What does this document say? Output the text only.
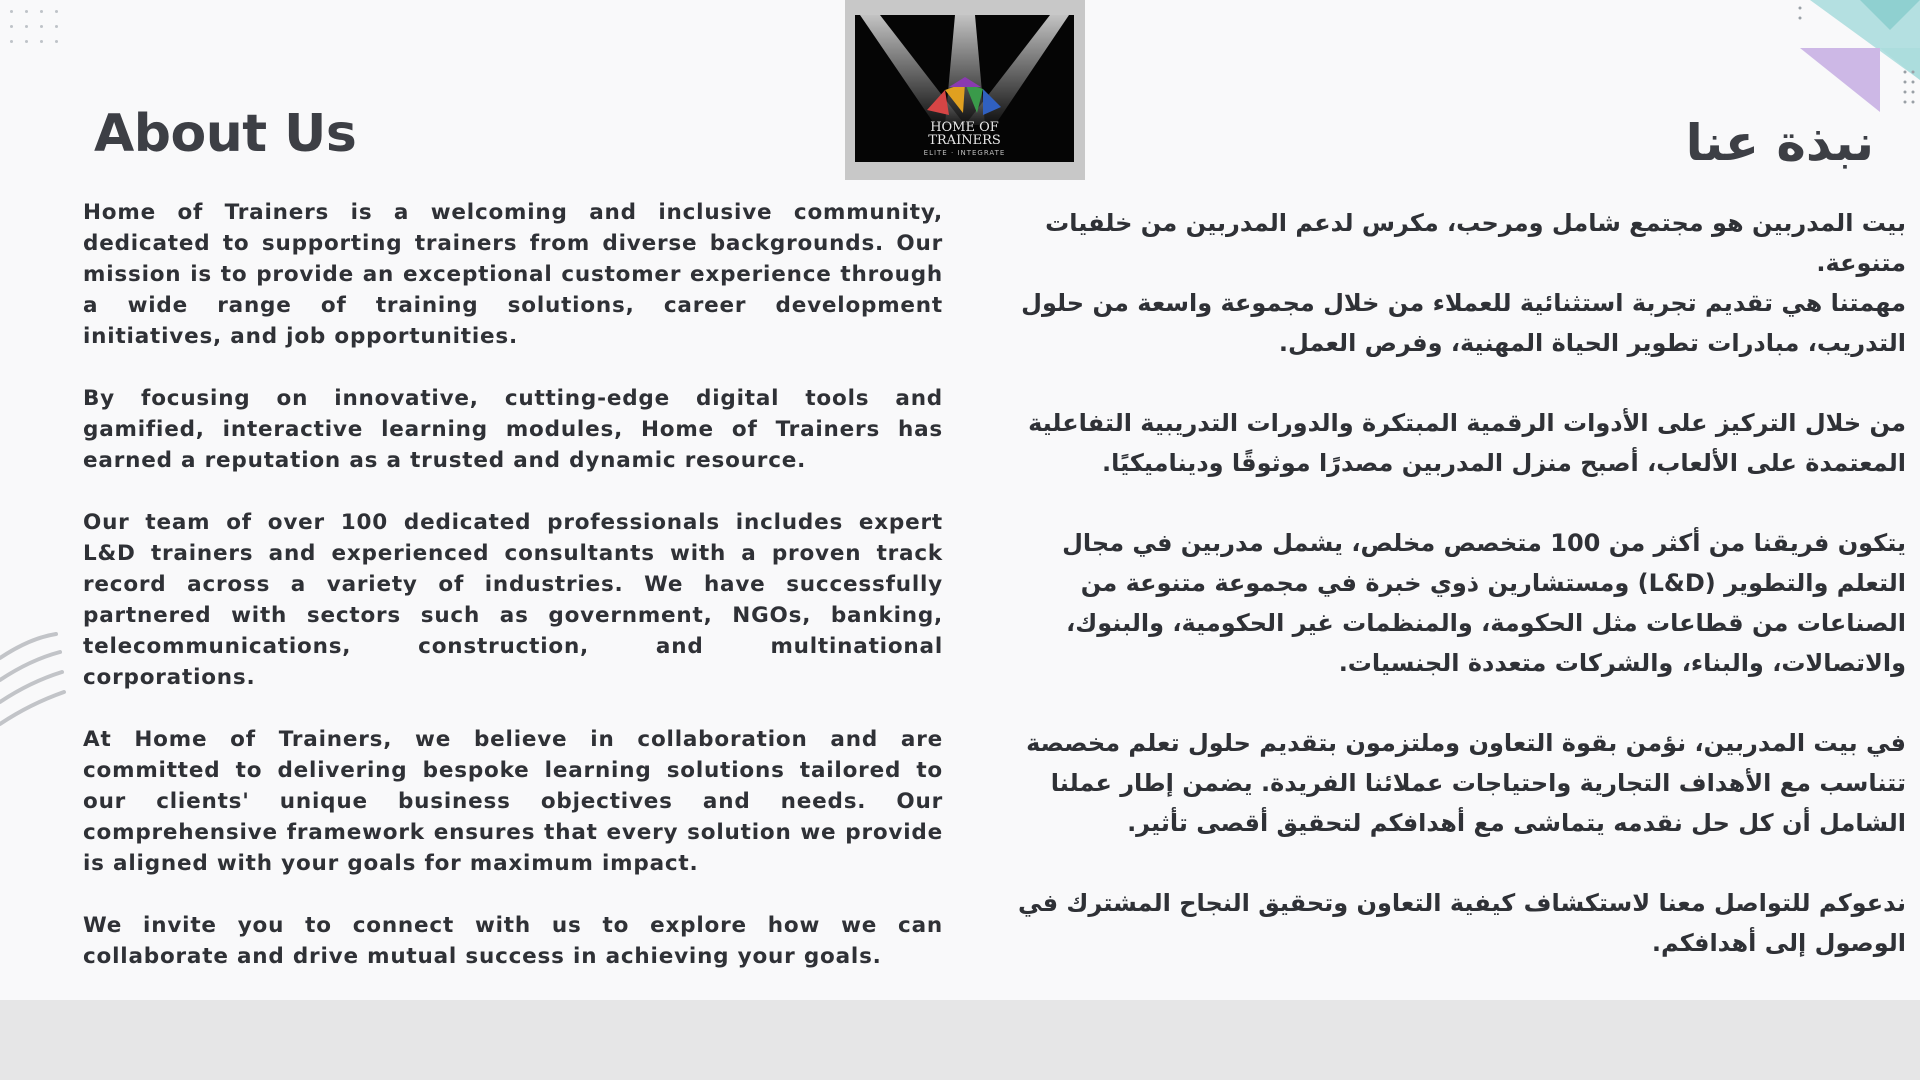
HOME OF
TRAINERS
ELITE · INTEGRATE
About Us	نبذة عنا

Home of Trainers is a welcoming and inclusive community, dedicated to supporting trainers from diverse backgrounds. Our mission is to provide an exceptional customer experience through a wide range of training solutions, career development initiatives, and job opportunities.

By focusing on innovative, cutting-edge digital tools and gamified, interactive learning modules, Home of Trainers has earned a reputation as a trusted and dynamic resource.

Our team of over 100 dedicated professionals includes expert L&D trainers and experienced consultants with a proven track record across a variety of industries. We have successfully partnered with sectors such as government, NGOs, banking, telecommunications, construction, and multinational corporations.

At Home of Trainers, we believe in collaboration and are committed to delivering bespoke learning solutions tailored to our clients' unique business objectives and needs. Our comprehensive framework ensures that every solution we provide is aligned with your goals for maximum impact.

We invite you to connect with us to explore how we can collaborate and drive mutual success in achieving your goals.

بيت المدربين هو مجتمع شامل ومرحب، مكرس لدعم المدربين من خلفيات متنوعة.
مهمتنا هي تقديم تجربة استثنائية للعملاء من خلال مجموعة واسعة من حلول التدريب، مبادرات تطوير الحياة المهنية، وفرص العمل.

من خلال التركيز على الأدوات الرقمية المبتكرة والدورات التدريبية التفاعلية المعتمدة على الألعاب، أصبح منزل المدربين مصدرًا موثوقًا وديناميكيًا.

يتكون فريقنا من أكثر من 100 متخصص مخلص، يشمل مدربين في مجال التعلم والتطوير (L&D) ومستشارين ذوي خبرة في مجموعة متنوعة من الصناعات من قطاعات مثل الحكومة، والمنظمات غير الحكومية، والبنوك، والاتصالات، والبناء، والشركات متعددة الجنسيات.

في بيت المدربين، نؤمن بقوة التعاون وملتزمون بتقديم حلول تعلم مخصصة تتناسب مع الأهداف التجارية واحتياجات عملائنا الفريدة. يضمن إطار عملنا الشامل أن كل حل نقدمه يتماشى مع أهدافكم لتحقيق أقصى تأثير.

ندعوكم للتواصل معنا لاستكشاف كيفية التعاون وتحقيق النجاح المشترك في الوصول إلى أهدافكم.
